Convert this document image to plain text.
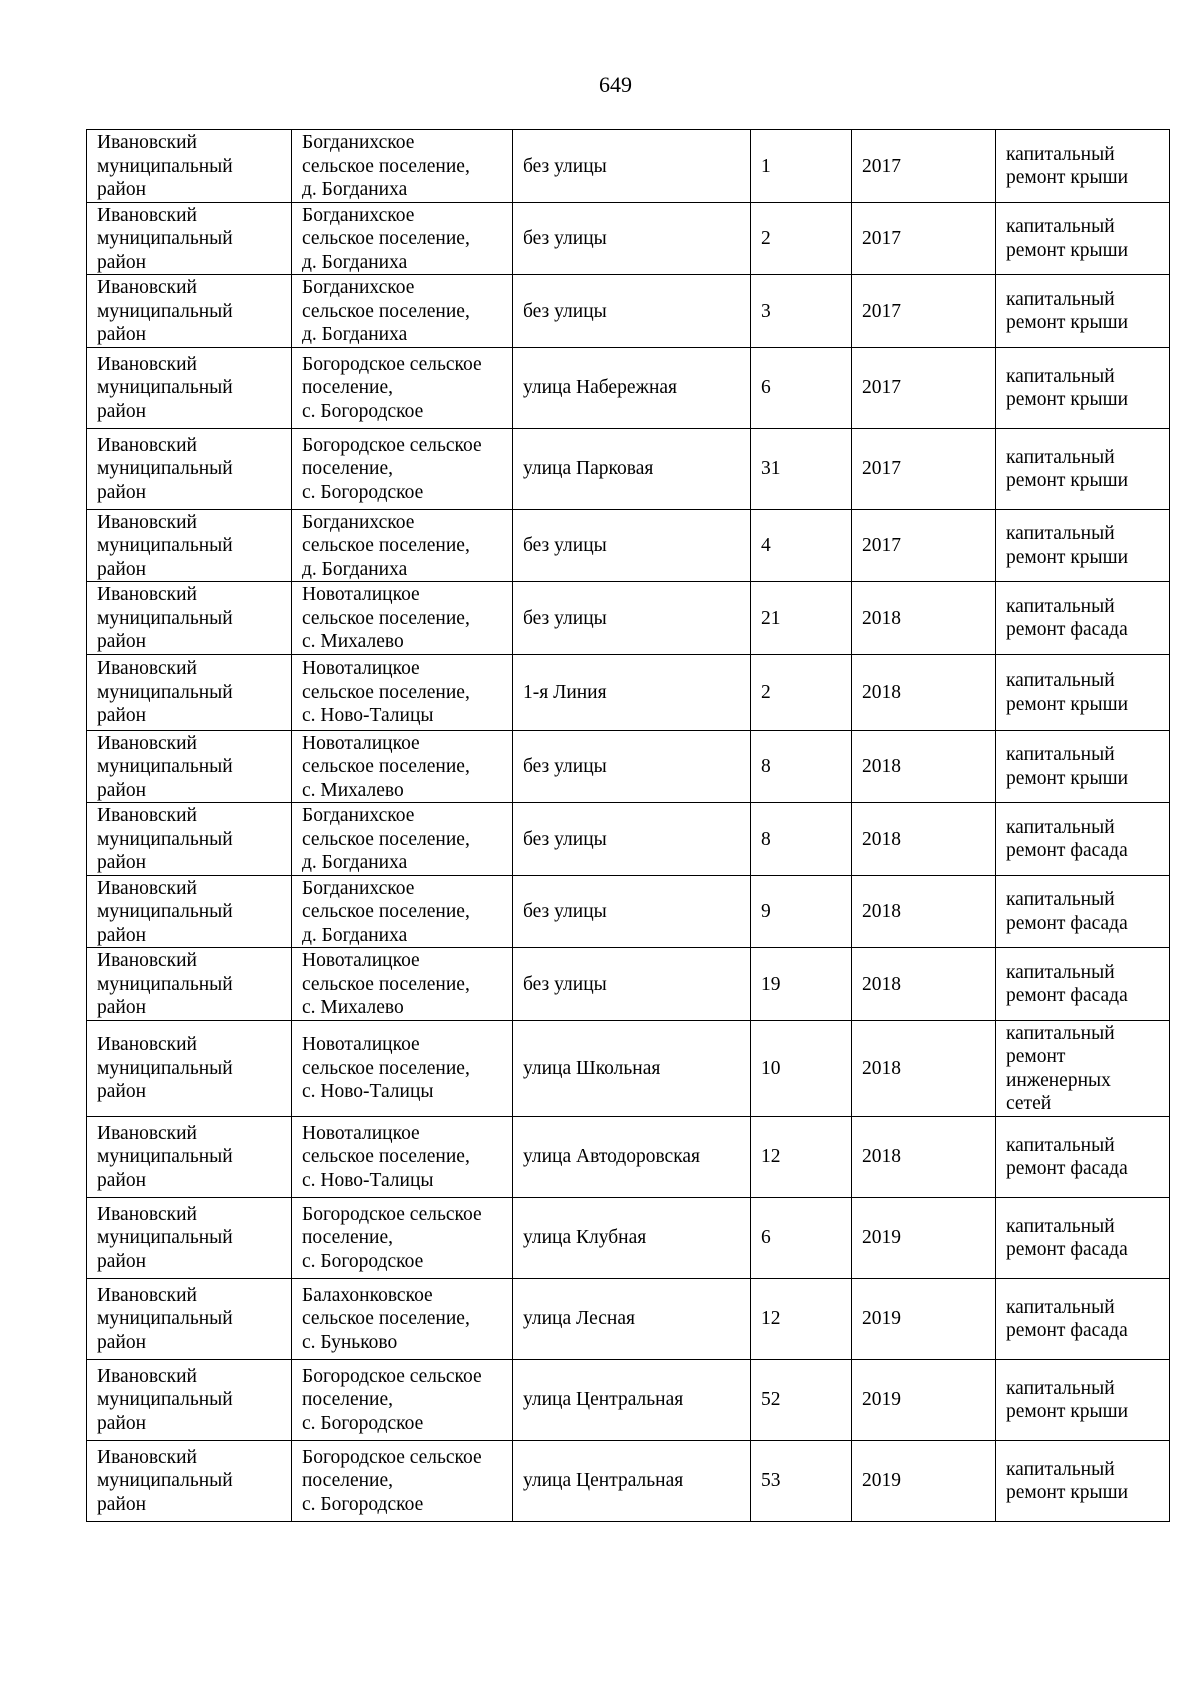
649
Ивановский
муниципальный
район	Богданихское
сельское поселение,
д. Богданиха	без улицы	1	2017	капитальный
ремонт крыши
Ивановский
муниципальный
район	Богданихское
сельское поселение,
д. Богданиха	без улицы	2	2017	капитальный
ремонт крыши
Ивановский
муниципальный
район	Богданихское
сельское поселение,
д. Богданиха	без улицы	3	2017	капитальный
ремонт крыши
Ивановский
муниципальный
район	Богородское сельское
поселение,
с. Богородское	улица Набережная	6	2017	капитальный
ремонт крыши
Ивановский
муниципальный
район	Богородское сельское
поселение,
с. Богородское	улица Парковая	31	2017	капитальный
ремонт крыши
Ивановский
муниципальный
район	Богданихское
сельское поселение,
д. Богданиха	без улицы	4	2017	капитальный
ремонт крыши
Ивановский
муниципальный
район	Новоталицкое
сельское поселение,
с. Михалево	без улицы	21	2018	капитальный
ремонт фасада
Ивановский
муниципальный
район	Новоталицкое
сельское поселение,
с. Ново-Талицы	1-я Линия	2	2018	капитальный
ремонт крыши
Ивановский
муниципальный
район	Новоталицкое
сельское поселение,
с. Михалево	без улицы	8	2018	капитальный
ремонт крыши
Ивановский
муниципальный
район	Богданихское
сельское поселение,
д. Богданиха	без улицы	8	2018	капитальный
ремонт фасада
Ивановский
муниципальный
район	Богданихское
сельское поселение,
д. Богданиха	без улицы	9	2018	капитальный
ремонт фасада
Ивановский
муниципальный
район	Новоталицкое
сельское поселение,
с. Михалево	без улицы	19	2018	капитальный
ремонт фасада
Ивановский
муниципальный
район	Новоталицкое
сельское поселение,
с. Ново-Талицы	улица Школьная	10	2018	капитальный
ремонт
инженерных
сетей
Ивановский
муниципальный
район	Новоталицкое
сельское поселение,
с. Ново-Талицы	улица Автодоровская	12	2018	капитальный
ремонт фасада
Ивановский
муниципальный
район	Богородское сельское
поселение,
с. Богородское	улица Клубная	6	2019	капитальный
ремонт фасада
Ивановский
муниципальный
район	Балахонковское
сельское поселение,
с. Буньково	улица Лесная	12	2019	капитальный
ремонт фасада
Ивановский
муниципальный
район	Богородское сельское
поселение,
с. Богородское	улица Центральная	52	2019	капитальный
ремонт крыши
Ивановский
муниципальный
район	Богородское сельское
поселение,
с. Богородское	улица Центральная	53	2019	капитальный
ремонт крыши
